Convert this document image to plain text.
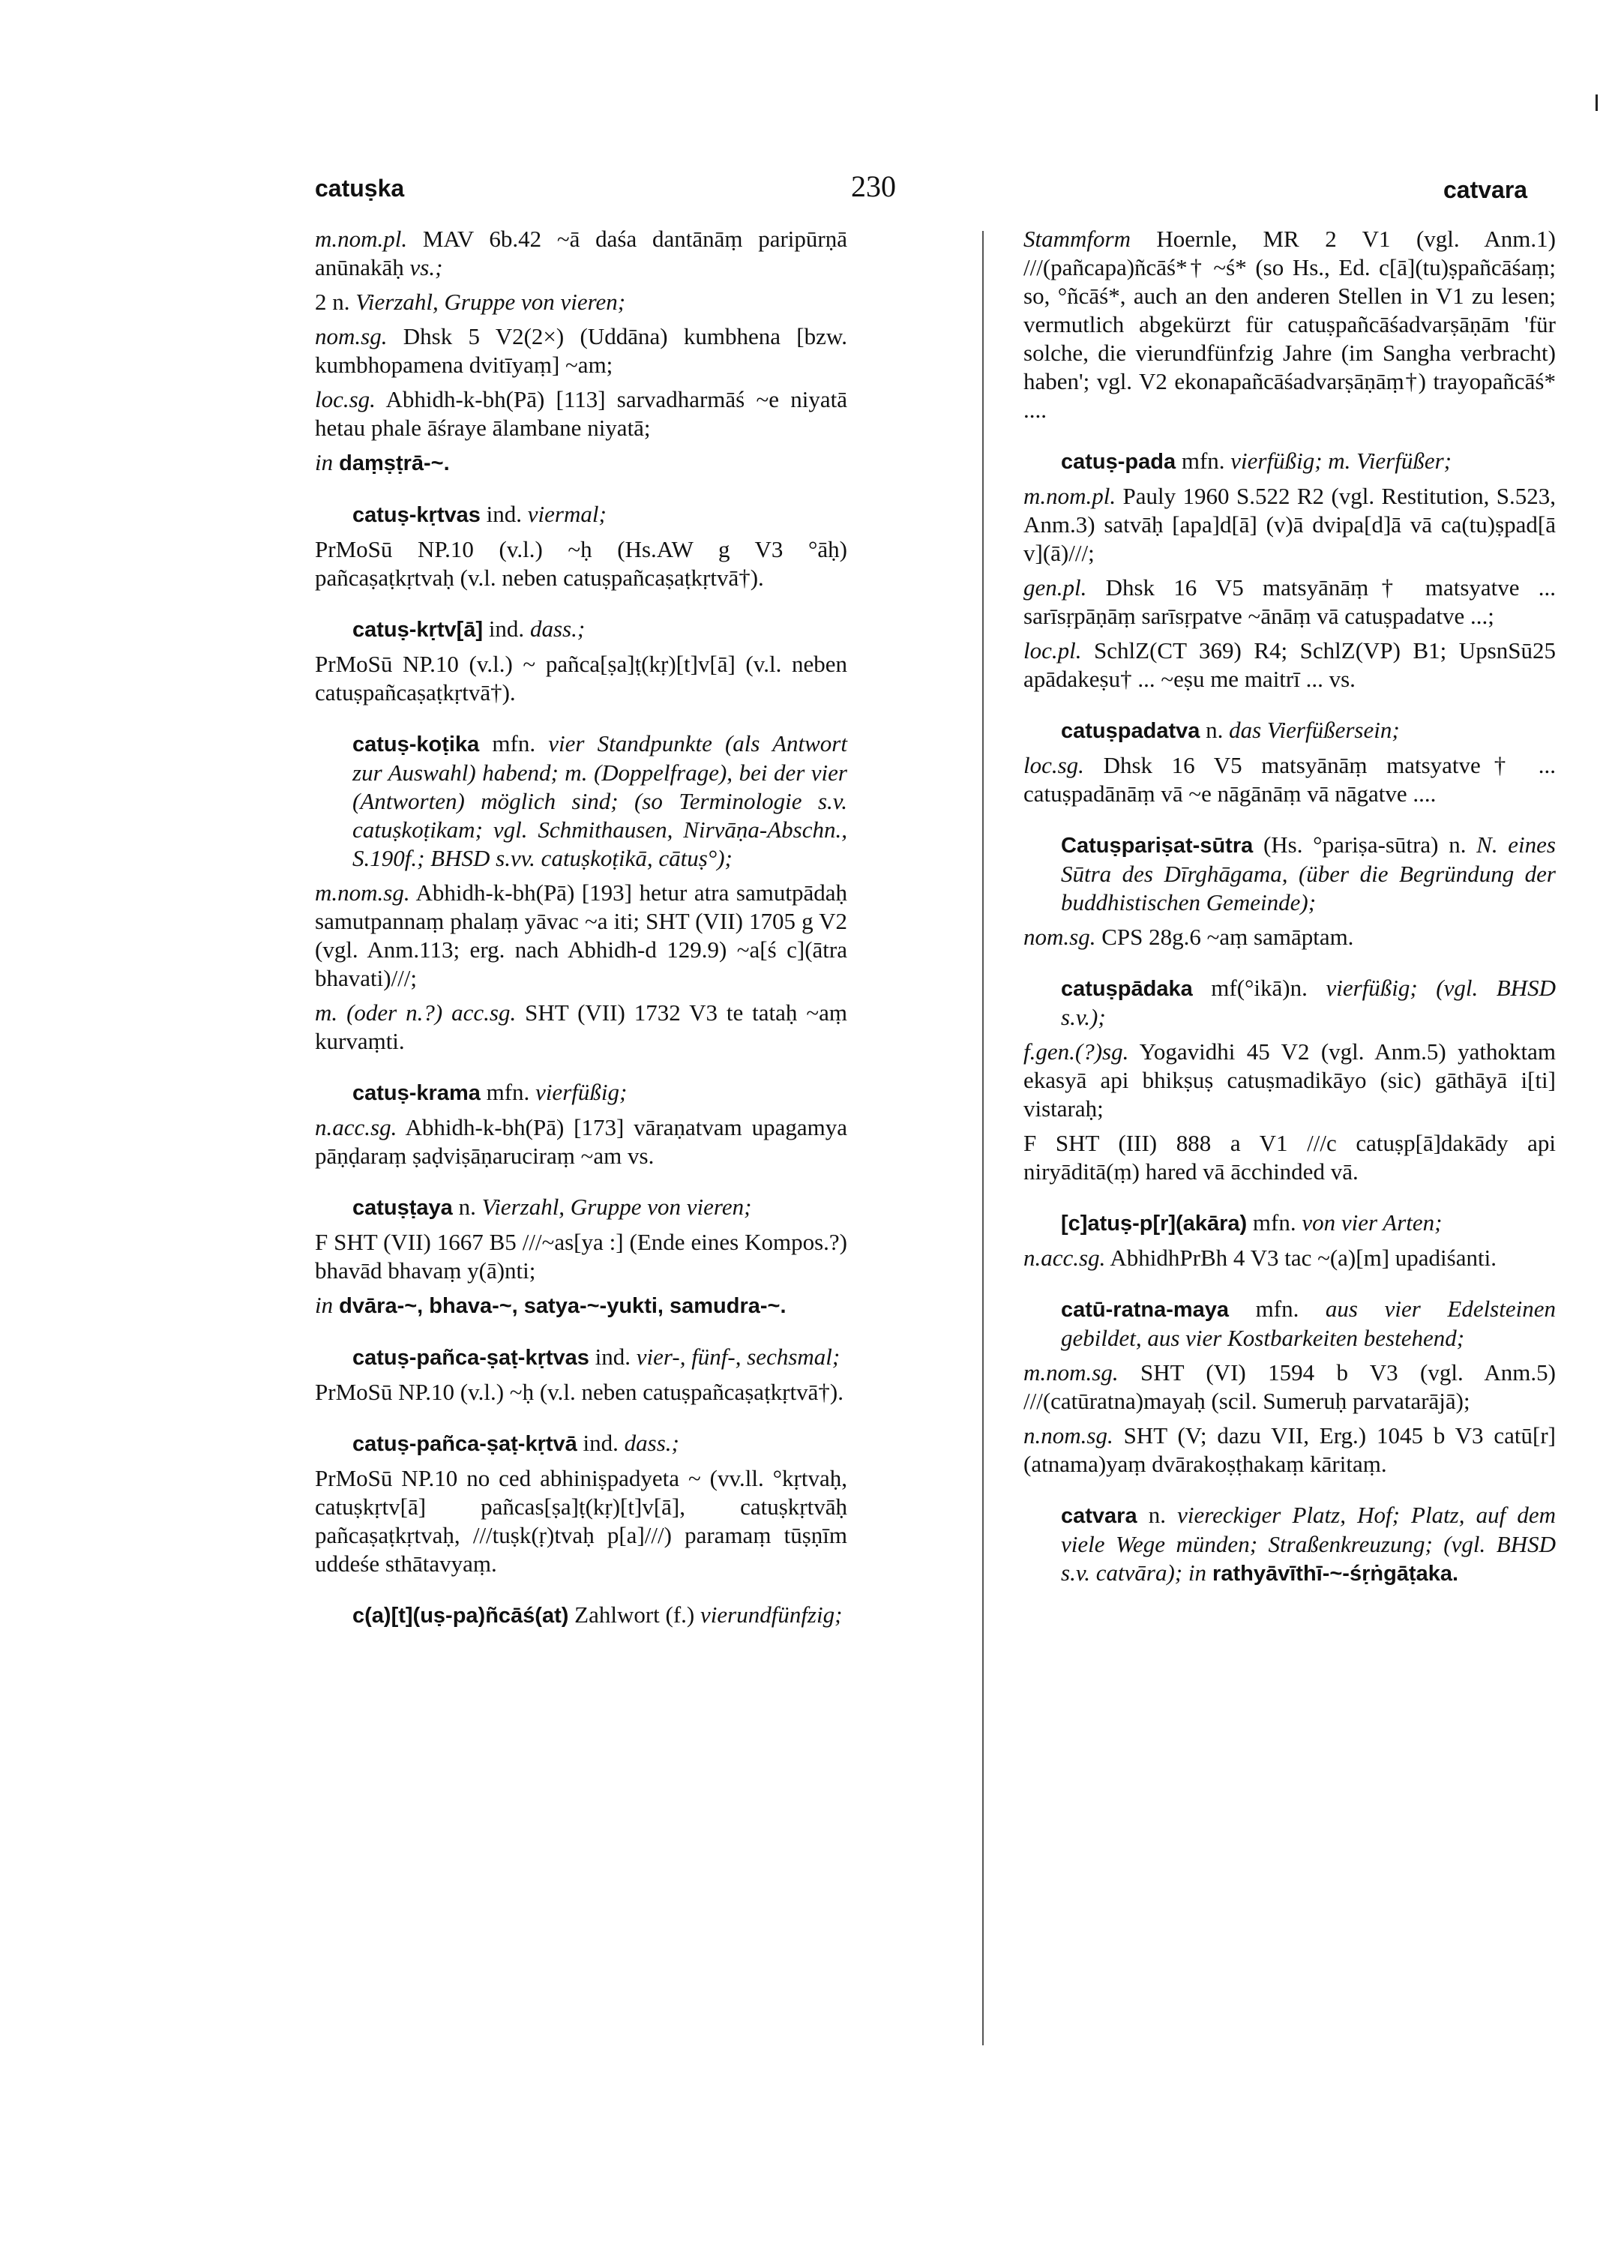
catuṣka	230	catvara

m.nom.pl. MAV 6b.42 ~ā daśa dantānāṃ paripūrṇā anūnakāḥ vs.;

2 n. Vierzahl, Gruppe von vieren;

nom.sg. Dhsk 5 V2(2×) (Uddāna) kumbhena [bzw. kumbhopamena dvitīyaṃ] ~am;

loc.sg. Abhidh-k-bh(Pā) [113] sarvadharmāś ~e niyatā hetau phale āśraye ālambane niyatā;

in daṃṣṭrā-~.

catuṣ-kṛtvas ind. viermal;

PrMoSū NP.10 (v.l.) ~ḥ (Hs.AW g V3 °āḥ) pañcaṣaṭkṛtvaḥ (v.l. neben catuṣpañcaṣaṭkṛtvā†).

catuṣ-kṛtv[ā] ind. dass.;

PrMoSū NP.10 (v.l.) ~ pañca[ṣa]ṭ(kṛ)[t]v[ā] (v.l. neben catuṣpañcaṣaṭkṛtvā†).

catuṣ-koṭika mfn. vier Standpunkte (als Antwort zur Auswahl) habend; m. (Doppelfrage), bei der vier (Antworten) möglich sind; (so Terminologie s.v. catuṣkoṭikam; vgl. Schmithausen, Nirvāṇa-Abschn., S.190f.; BHSD s.vv. catuṣkoṭikā, cātuṣ°);

m.nom.sg. Abhidh-k-bh(Pā) [193] hetur atra samutpādaḥ samutpannaṃ phalaṃ yāvac ~a iti; SHT (VII) 1705 g V2 (vgl. Anm.113; erg. nach Abhidh-d 129.9) ~a[ś c](ātra bhavati)///;

m. (oder n.?) acc.sg. SHT (VII) 1732 V3 te tataḥ ~aṃ kurvaṃti.

catuṣ-krama mfn. vierfüßig;

n.acc.sg. Abhidh-k-bh(Pā) [173] vāraṇatvam upagamya pāṇḍaraṃ ṣaḍviṣāṇaruciraṃ ~am vs.

catuṣṭaya n. Vierzahl, Gruppe von vieren;

F SHT (VII) 1667 B5 ///~as[ya :] (Ende eines Kompos.?) bhavād bhavaṃ y(ā)nti;

in dvāra-~, bhava-~, satya-~-yukti, samudra-~.

catuṣ-pañca-ṣaṭ-kṛtvas ind. vier-, fünf-, sechsmal;

PrMoSū NP.10 (v.l.) ~ḥ (v.l. neben catuṣpañcaṣaṭkṛtvā†).

catuṣ-pañca-ṣaṭ-kṛtvā ind. dass.;

PrMoSū NP.10 no ced abhiniṣpadyeta ~ (vv.ll. °kṛtvaḥ, catuṣkṛtv[ā] pañcas[ṣa]ṭ(kṛ)[t]v[ā], catuṣkṛtvāḥ pañcaṣaṭkṛtvaḥ, ///tuṣk(ṛ)tvaḥ p[a]///) paramaṃ tūṣṇīm uddeśe sthātavyaṃ.

c(a)[t](uṣ-pa)ñcāś(at) Zahlwort (f.) vierundfünfzig;

Stammform Hoernle, MR 2 V1 (vgl. Anm.1) ///(pañcapa)ñcāś*† ~ś* (so Hs., Ed. c[ā](tu)ṣpañcāśaṃ; so, °ñcāś*, auch an den anderen Stellen in V1 zu lesen; vermutlich abgekürzt für catuṣpañcāśadvarṣāṇām 'für solche, die vierundfünfzig Jahre (im Sangha verbracht) haben'; vgl. V2 ekonapañcāśadvarṣāṇāṃ†) trayopañcāś* ....

catuṣ-pada mfn. vierfüßig; m. Vierfüßer;

m.nom.pl. Pauly 1960 S.522 R2 (vgl. Restitution, S.523, Anm.3) satvāḥ [apa]d[ā] (v)ā dvipa[d]ā vā ca(tu)ṣpad[ā v](ā)///;

gen.pl. Dhsk 16 V5 matsyānāṃ† matsyatve ... sarīsṛpāṇāṃ sarīsṛpatve ~ānāṃ vā catuṣpadatve ...;

loc.pl. SchlZ(CT 369) R4; SchlZ(VP) B1; UpsnSū25 apādakeṣu† ... ~eṣu me maitrī ... vs.

catuṣpadatva n. das Vierfüßersein;

loc.sg. Dhsk 16 V5 matsyānāṃ matsyatve† ... catuṣpadānāṃ vā ~e nāgānāṃ vā nāgatve ....

Catuṣpariṣat-sūtra (Hs. °pariṣa-sūtra) n. N. eines Sūtra des Dīrghāgama, (über die Begründung der buddhistischen Gemeinde);

nom.sg. CPS 28g.6 ~aṃ samāptam.

catuṣpādaka mf(°ikā)n. vierfüßig; (vgl. BHSD s.v.);

f.gen.(?)sg. Yogavidhi 45 V2 (vgl. Anm.5) yathoktam ekasyā api bhikṣuṣ catuṣmadikāyo (sic) gāthāyā i[ti] vistaraḥ;

F SHT (III) 888 a V1 ///c catuṣp[ā]dakādy api niryāditā(ṃ) hared vā ācchinded vā.

[c]atuṣ-p[r](akāra) mfn. von vier Arten;

n.acc.sg. AbhidhPrBh 4 V3 tac ~(a)[m] upadiśanti.

catū-ratna-maya mfn. aus vier Edelsteinen gebildet, aus vier Kostbarkeiten bestehend;

m.nom.sg. SHT (VI) 1594 b V3 (vgl. Anm.5) ///(catūratna)mayaḥ (scil. Sumeruḥ parvatarājā);

n.nom.sg. SHT (V; dazu VII, Erg.) 1045 b V3 catū[r](atnama)yaṃ dvārakoṣṭhakaṃ kāritaṃ.

catvara n. viereckiger Platz, Hof; Platz, auf dem viele Wege münden; Straßenkreuzung; (vgl. BHSD s.v. catvāra); in rathyāvīthī-~-śṛṅgāṭaka.
